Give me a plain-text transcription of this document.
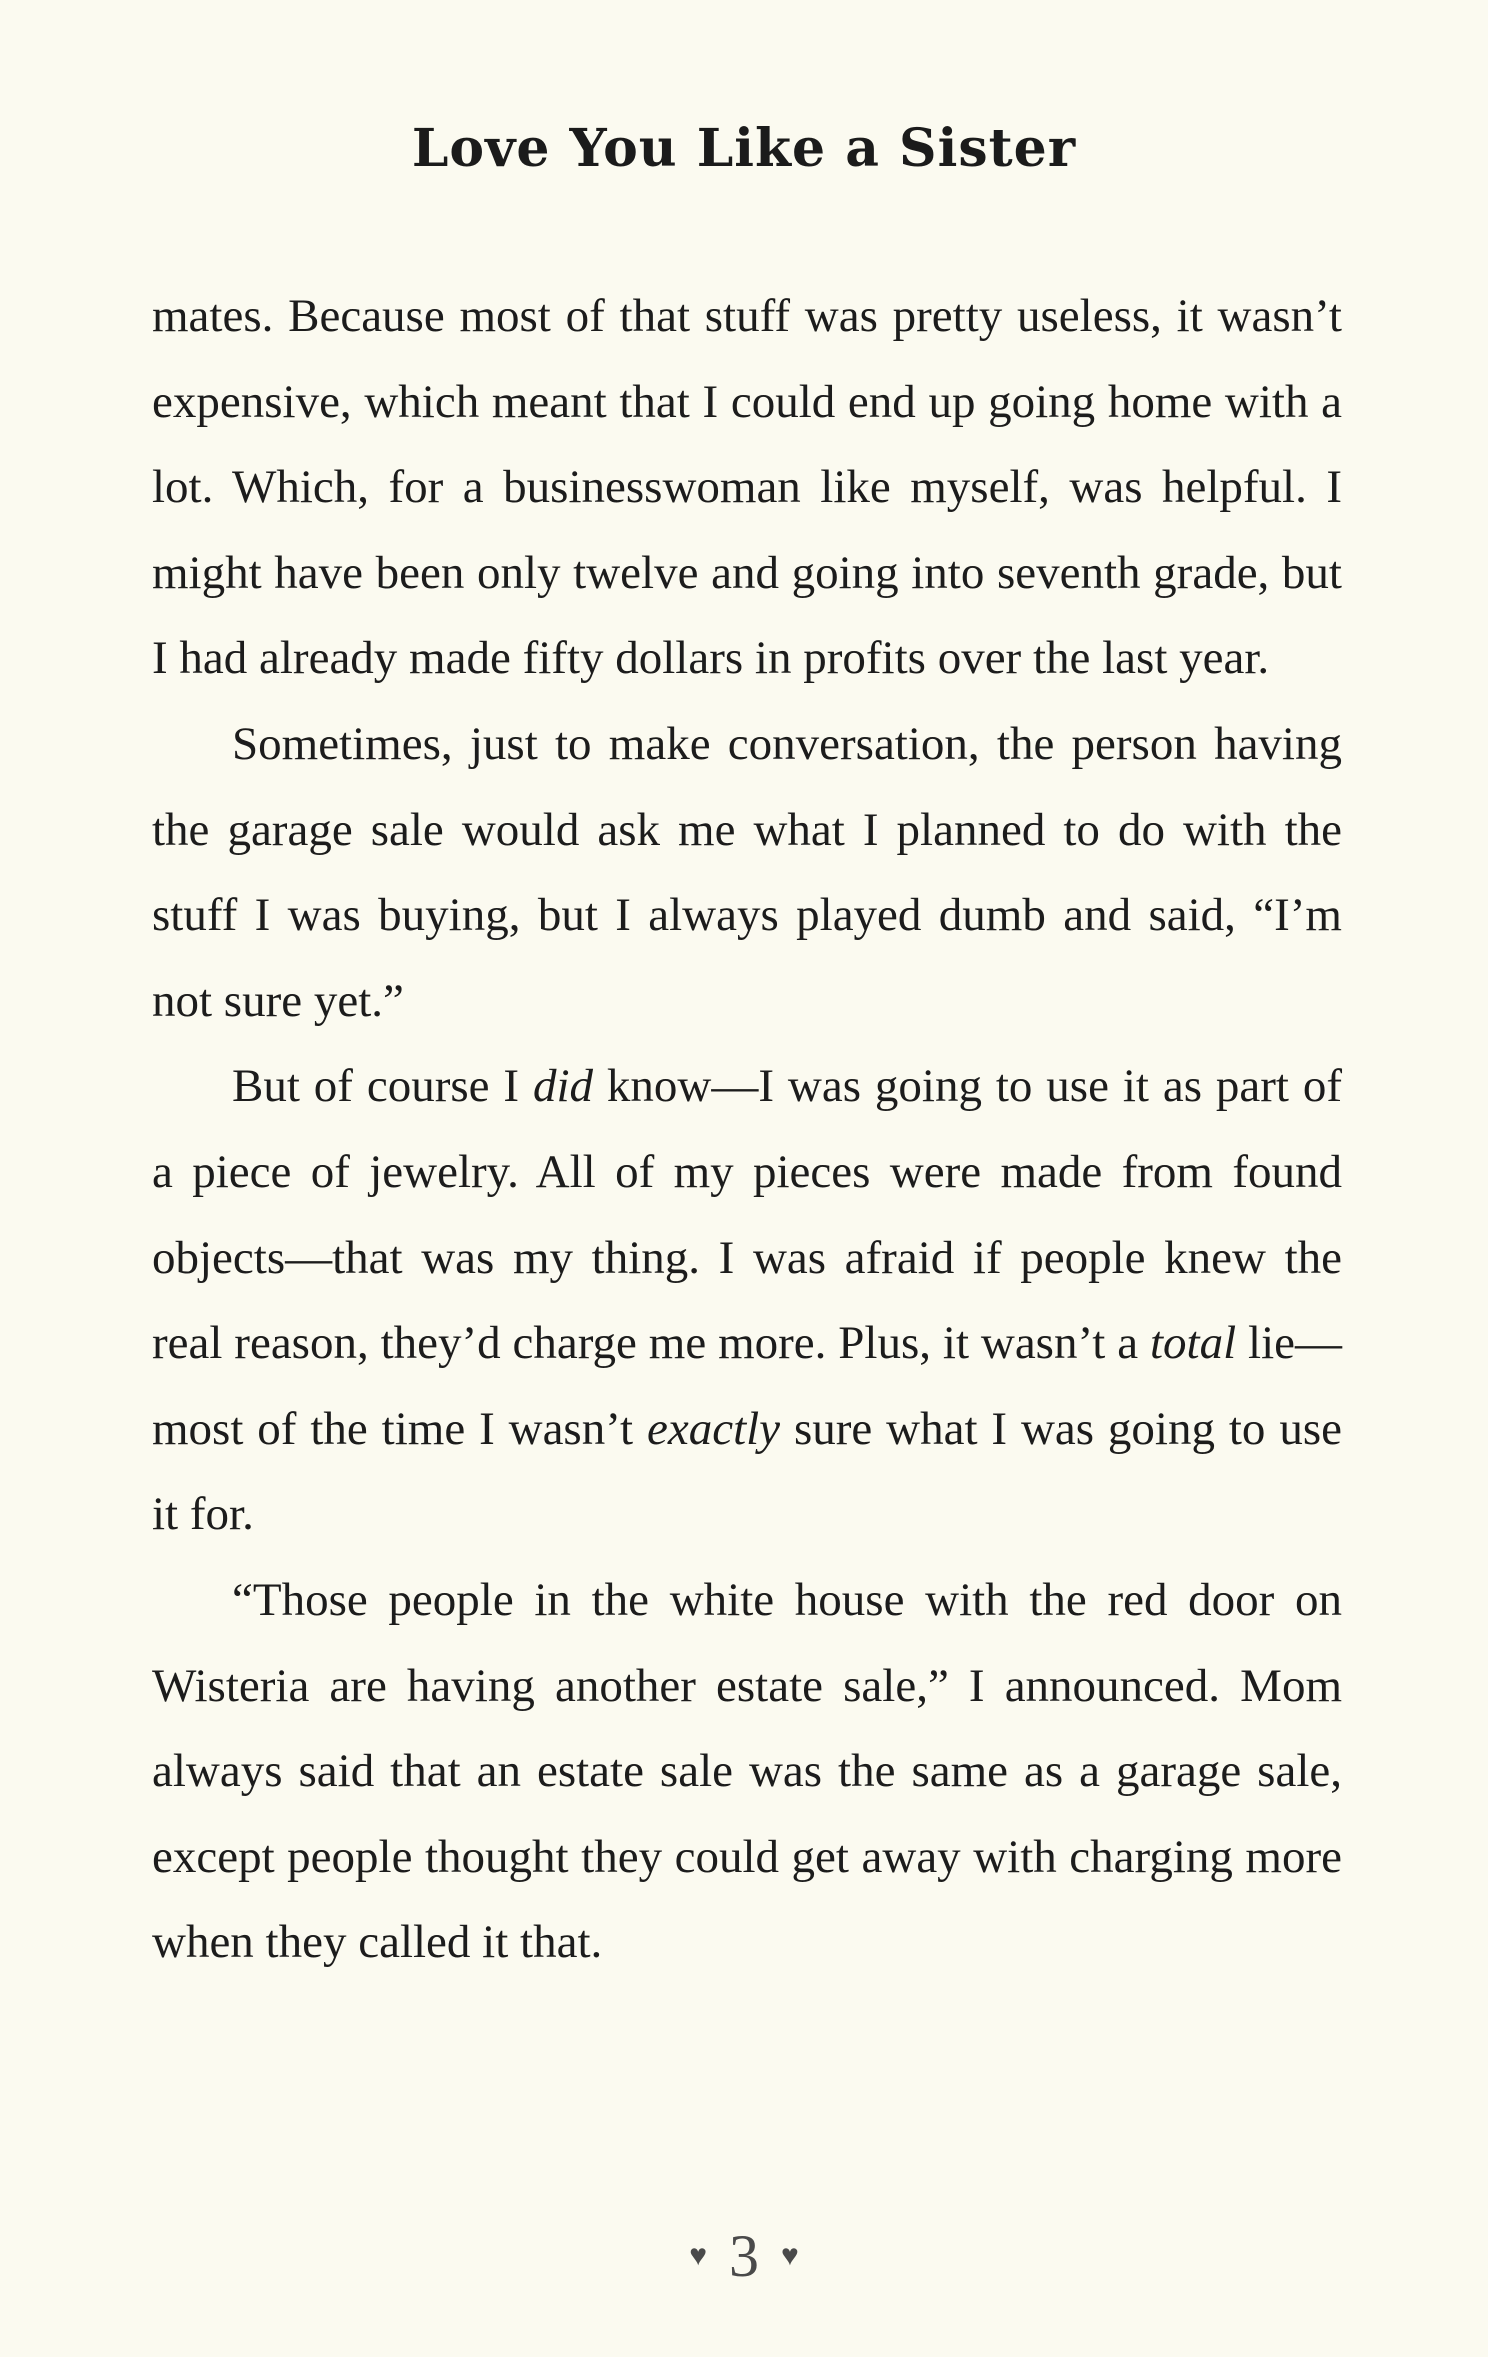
Love You Like a Sister

mates. Because most of that stuff was pretty useless, it wasn’t expensive, which meant that I could end up going home with a lot. Which, for a businesswoman like myself, was helpful. I might have been only twelve and going into seventh grade, but I had already made fifty dollars in profits over the last year.

Sometimes, just to make conversation, the person having the garage sale would ask me what I planned to do with the stuff I was buying, but I always played dumb and said, “I’m not sure yet.”

But of course I did know—I was going to use it as part of a piece of jewelry. All of my pieces were made from found objects—that was my thing. I was afraid if people knew the real reason, they’d charge me more. Plus, it wasn’t a total lie—most of the time I wasn’t exactly sure what I was going to use it for.

“Those people in the white house with the red door on Wisteria are having another estate sale,” I announced. Mom always said that an estate sale was the same as a garage sale, except people thought they could get away with charging more when they called it that.

♥ 3 ♥
